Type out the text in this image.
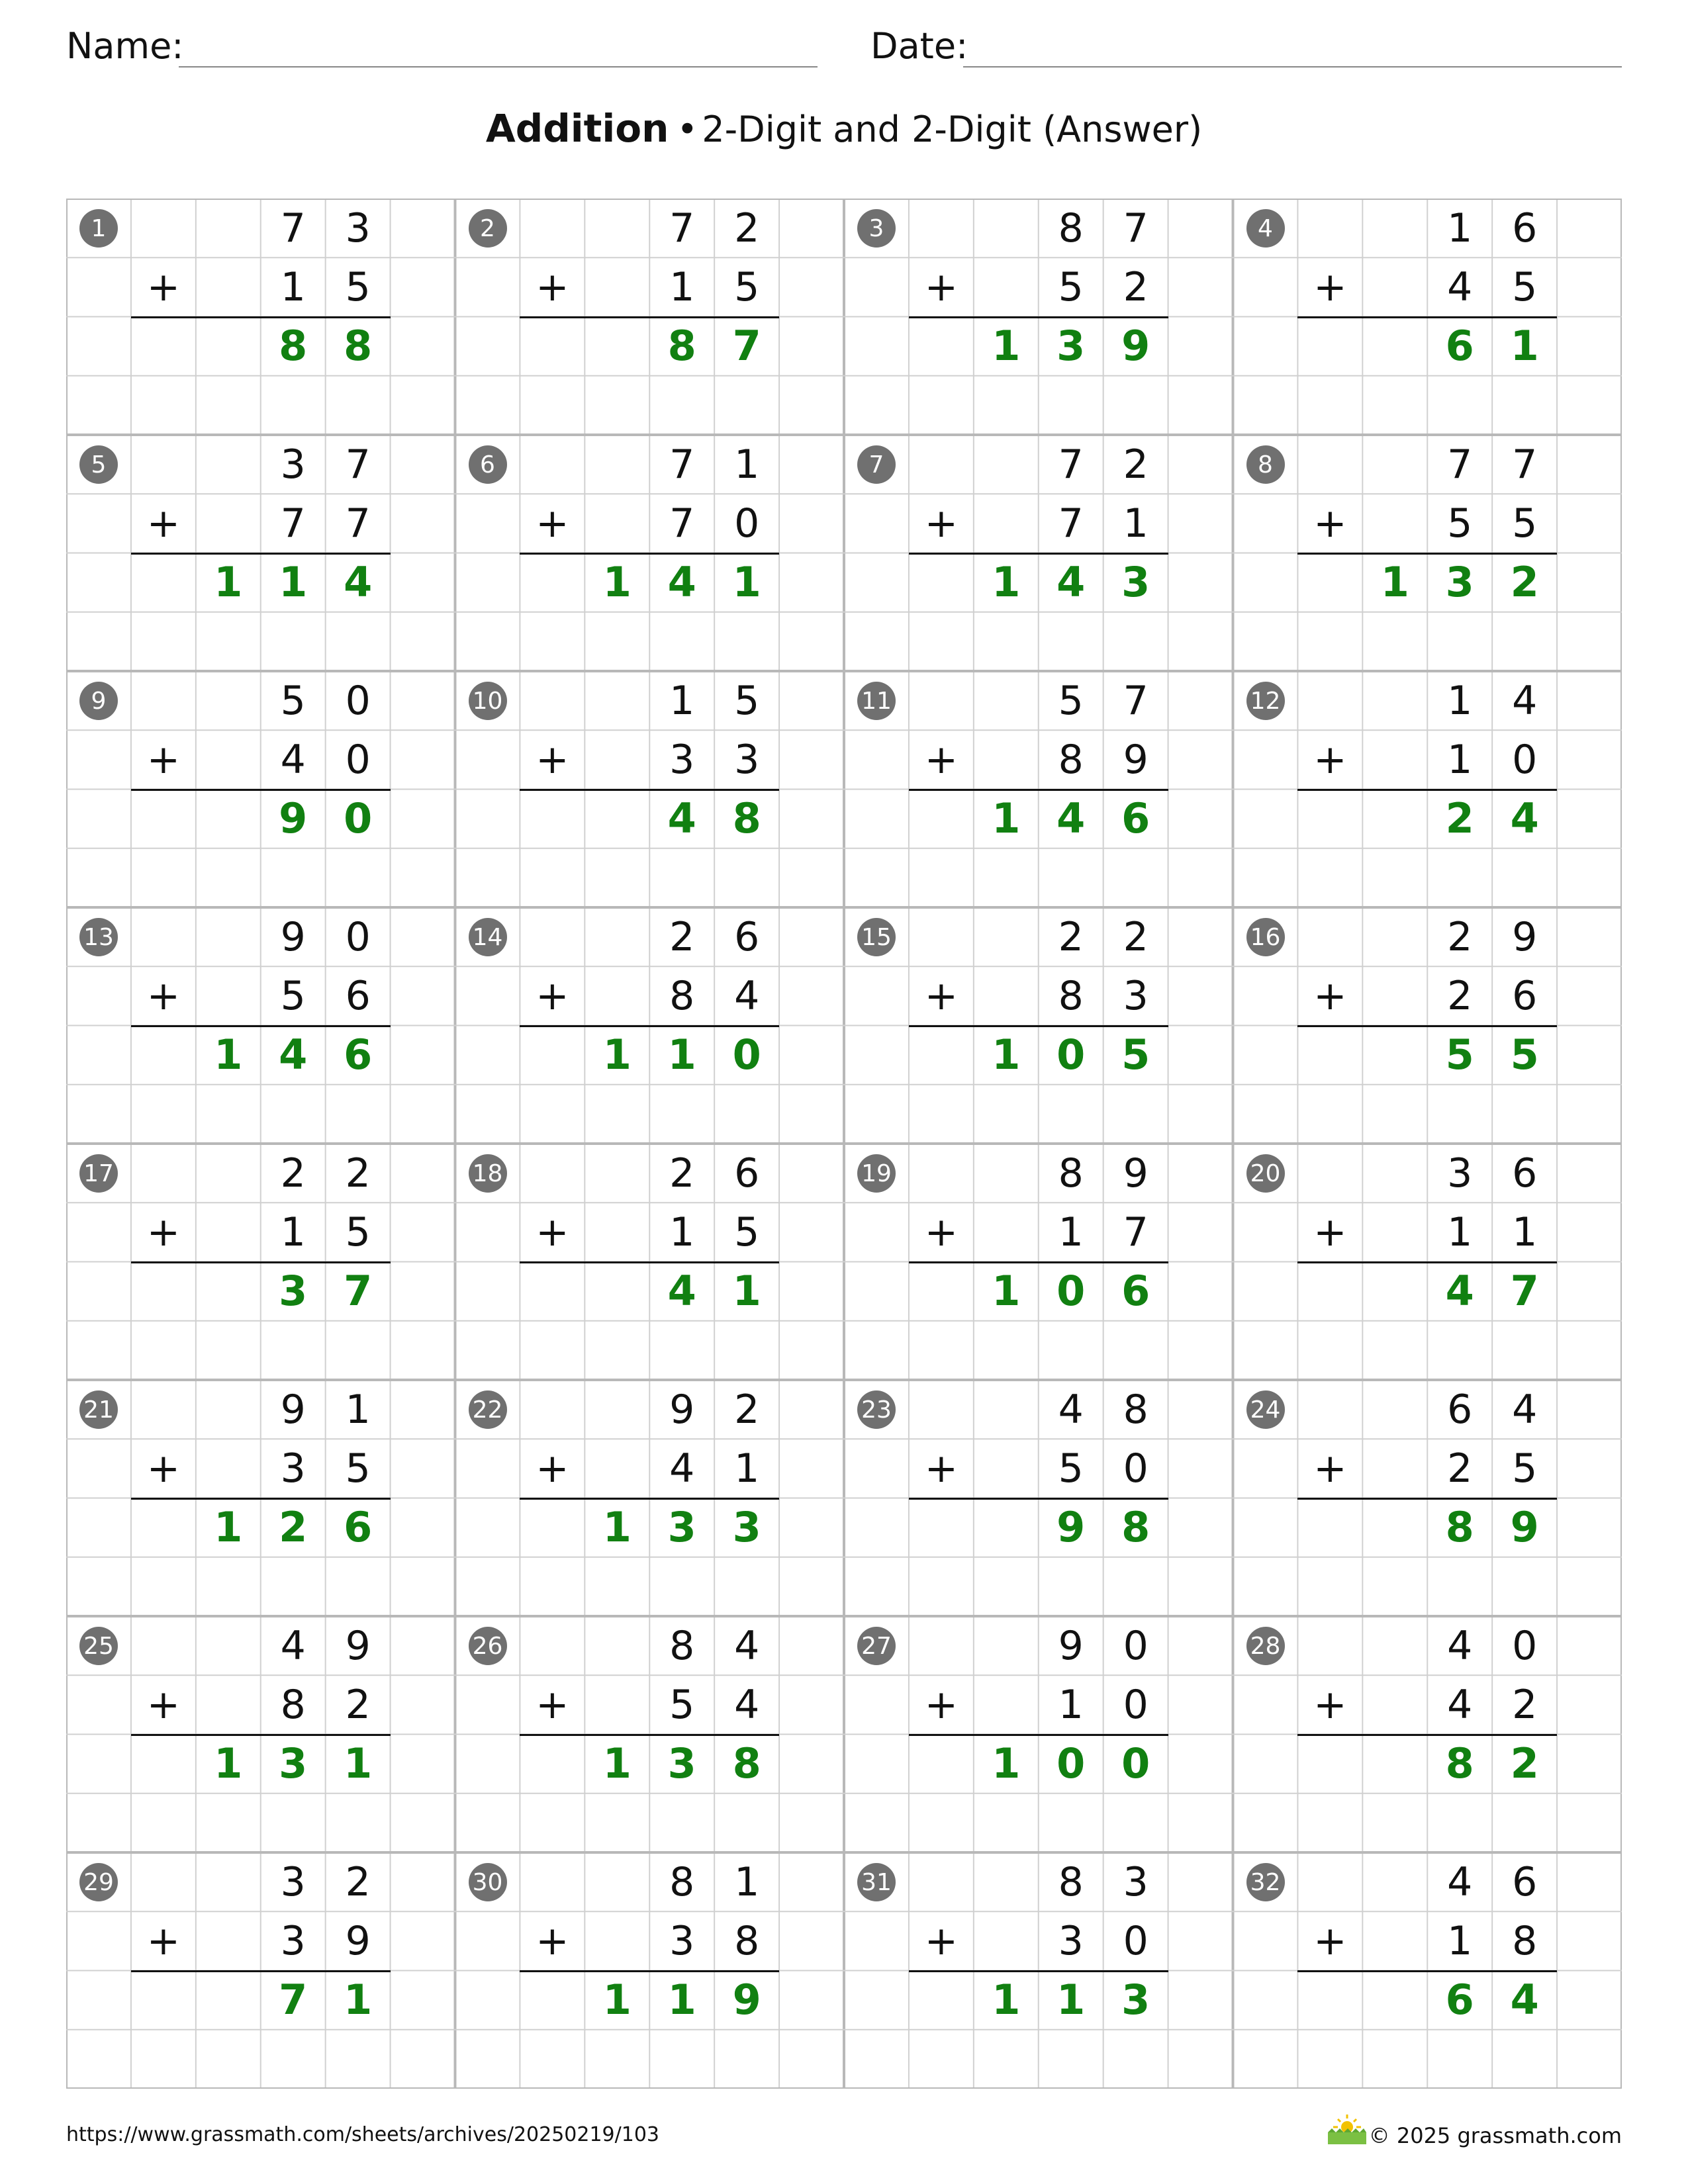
Name:	Date:
Addition • 2-Digit and 2-Digit (Answer)
1	7 3
+	1 5
8 8
2	7 2
+	1 5
8 7
3	8 7
+	5 2
1 3 9
4	1 6
+	4 5
6 1
5	3 7
+	7 7
1 1 4
6	7 1
+	7 0
1 4 1
7	7 2
+	7 1
1 4 3
8	7 7
+	5 5
1 3 2
9	5 0
+	4 0
9 0
10	1 5
+	3 3
4 8
11	5 7
+	8 9
1 4 6
12	1 4
+	1 0
2 4
13	9 0
+	5 6
1 4 6
14	2 6
+	8 4
1 1 0
15	2 2
+	8 3
1 0 5
16	2 9
+	2 6
5 5
17	2 2
+	1 5
3 7
18	2 6
+	1 5
4 1
19	8 9
+	1 7
1 0 6
20	3 6
+	1 1
4 7
21	9 1
+	3 5
1 2 6
22	9 2
+	4 1
1 3 3
23	4 8
+	5 0
9 8
24	6 4
+	2 5
8 9
25	4 9
+	8 2
1 3 1
26	8 4
+	5 4
1 3 8
27	9 0
+	1 0
1 0 0
28	4 0
+	4 2
8 2
29	3 2
+	3 9
7 1
30	8 1
+	3 8
1 1 9
31	8 3
+	3 0
1 1 3
32	4 6
+	1 8
6 4
https://www.grassmath.com/sheets/archives/20250219/103	© 2025 grassmath.com
